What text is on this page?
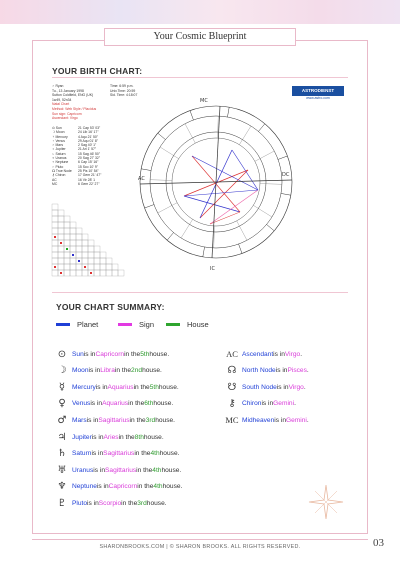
Your Cosmic Blueprint
YOUR BIRTH CHART:
♂ Ryan
Tu., 13 January 1998
Sutton Coldfield, ENG (UK)
1w49, 52n34
Natal Chart
Method: Web Style / Placidus
Sun sign: Capricorn
Ascendant: Virgo
Time: 6:59 p.m.
Univ.Time: 20:59
Sid. Time: 4:18:07
⊙ Sun	21 Cap 53' 03"
☽ Moon	24 Lib 16' 17"
☿ Mercury	4 Aqu 21' 50"
♀ Venus	29 Aqu 01' 8"
♂ Mars	2 Sag 40' 1"
♃ Jupiter	21 Ari 1' 57"
♄ Saturn	15 Sag 46' 50"
♅ Uranus	20 Sag 27' 32"
♆ Neptune	6 Cap 15' 16"
♇ Pluto	15 Sco 10' 9"
☊ True Node	25 Pis 10' 54"
⚷ Chiron	17 Gem 21' 47"
AC	16 Vir 28' 1
MC	6 Gem 22' 27"
ASTRODIENST
www.astro.com
MC
IC
AC
DC
YOUR CHART SUMMARY:
Planet	Sign	House
⊙ Sun is in Capricorn in the 5th house.
☽ Moon is in Libra in the 2nd house.
☿	Mercury is in Aquarius in the 5th house.
♀ Venus is in Aquarius in the 6th house.
♂ Mars is in Sagittarius in the 3rd house.
♃ Jupiter is in Aries in the 8th house.
♄ Saturn is in Sagittarius in the 4th house.
♅ Uranus is in Sagittarius in the 4th house.
♆ Neptune is in Capricorn in the 4th house.
♇ Pluto is in Scorpio in the 3rd house.
AC Ascendant is in Virgo .
☊ North Node is in Pisces .
☋ South Node is in Virgo .
⚷ Chiron is in Gemini .
MC Midheaven is in Gemini .
SHARONBROOKS.COM | © SHARON BROOKS. ALL RIGHTS RESERVED.	03
